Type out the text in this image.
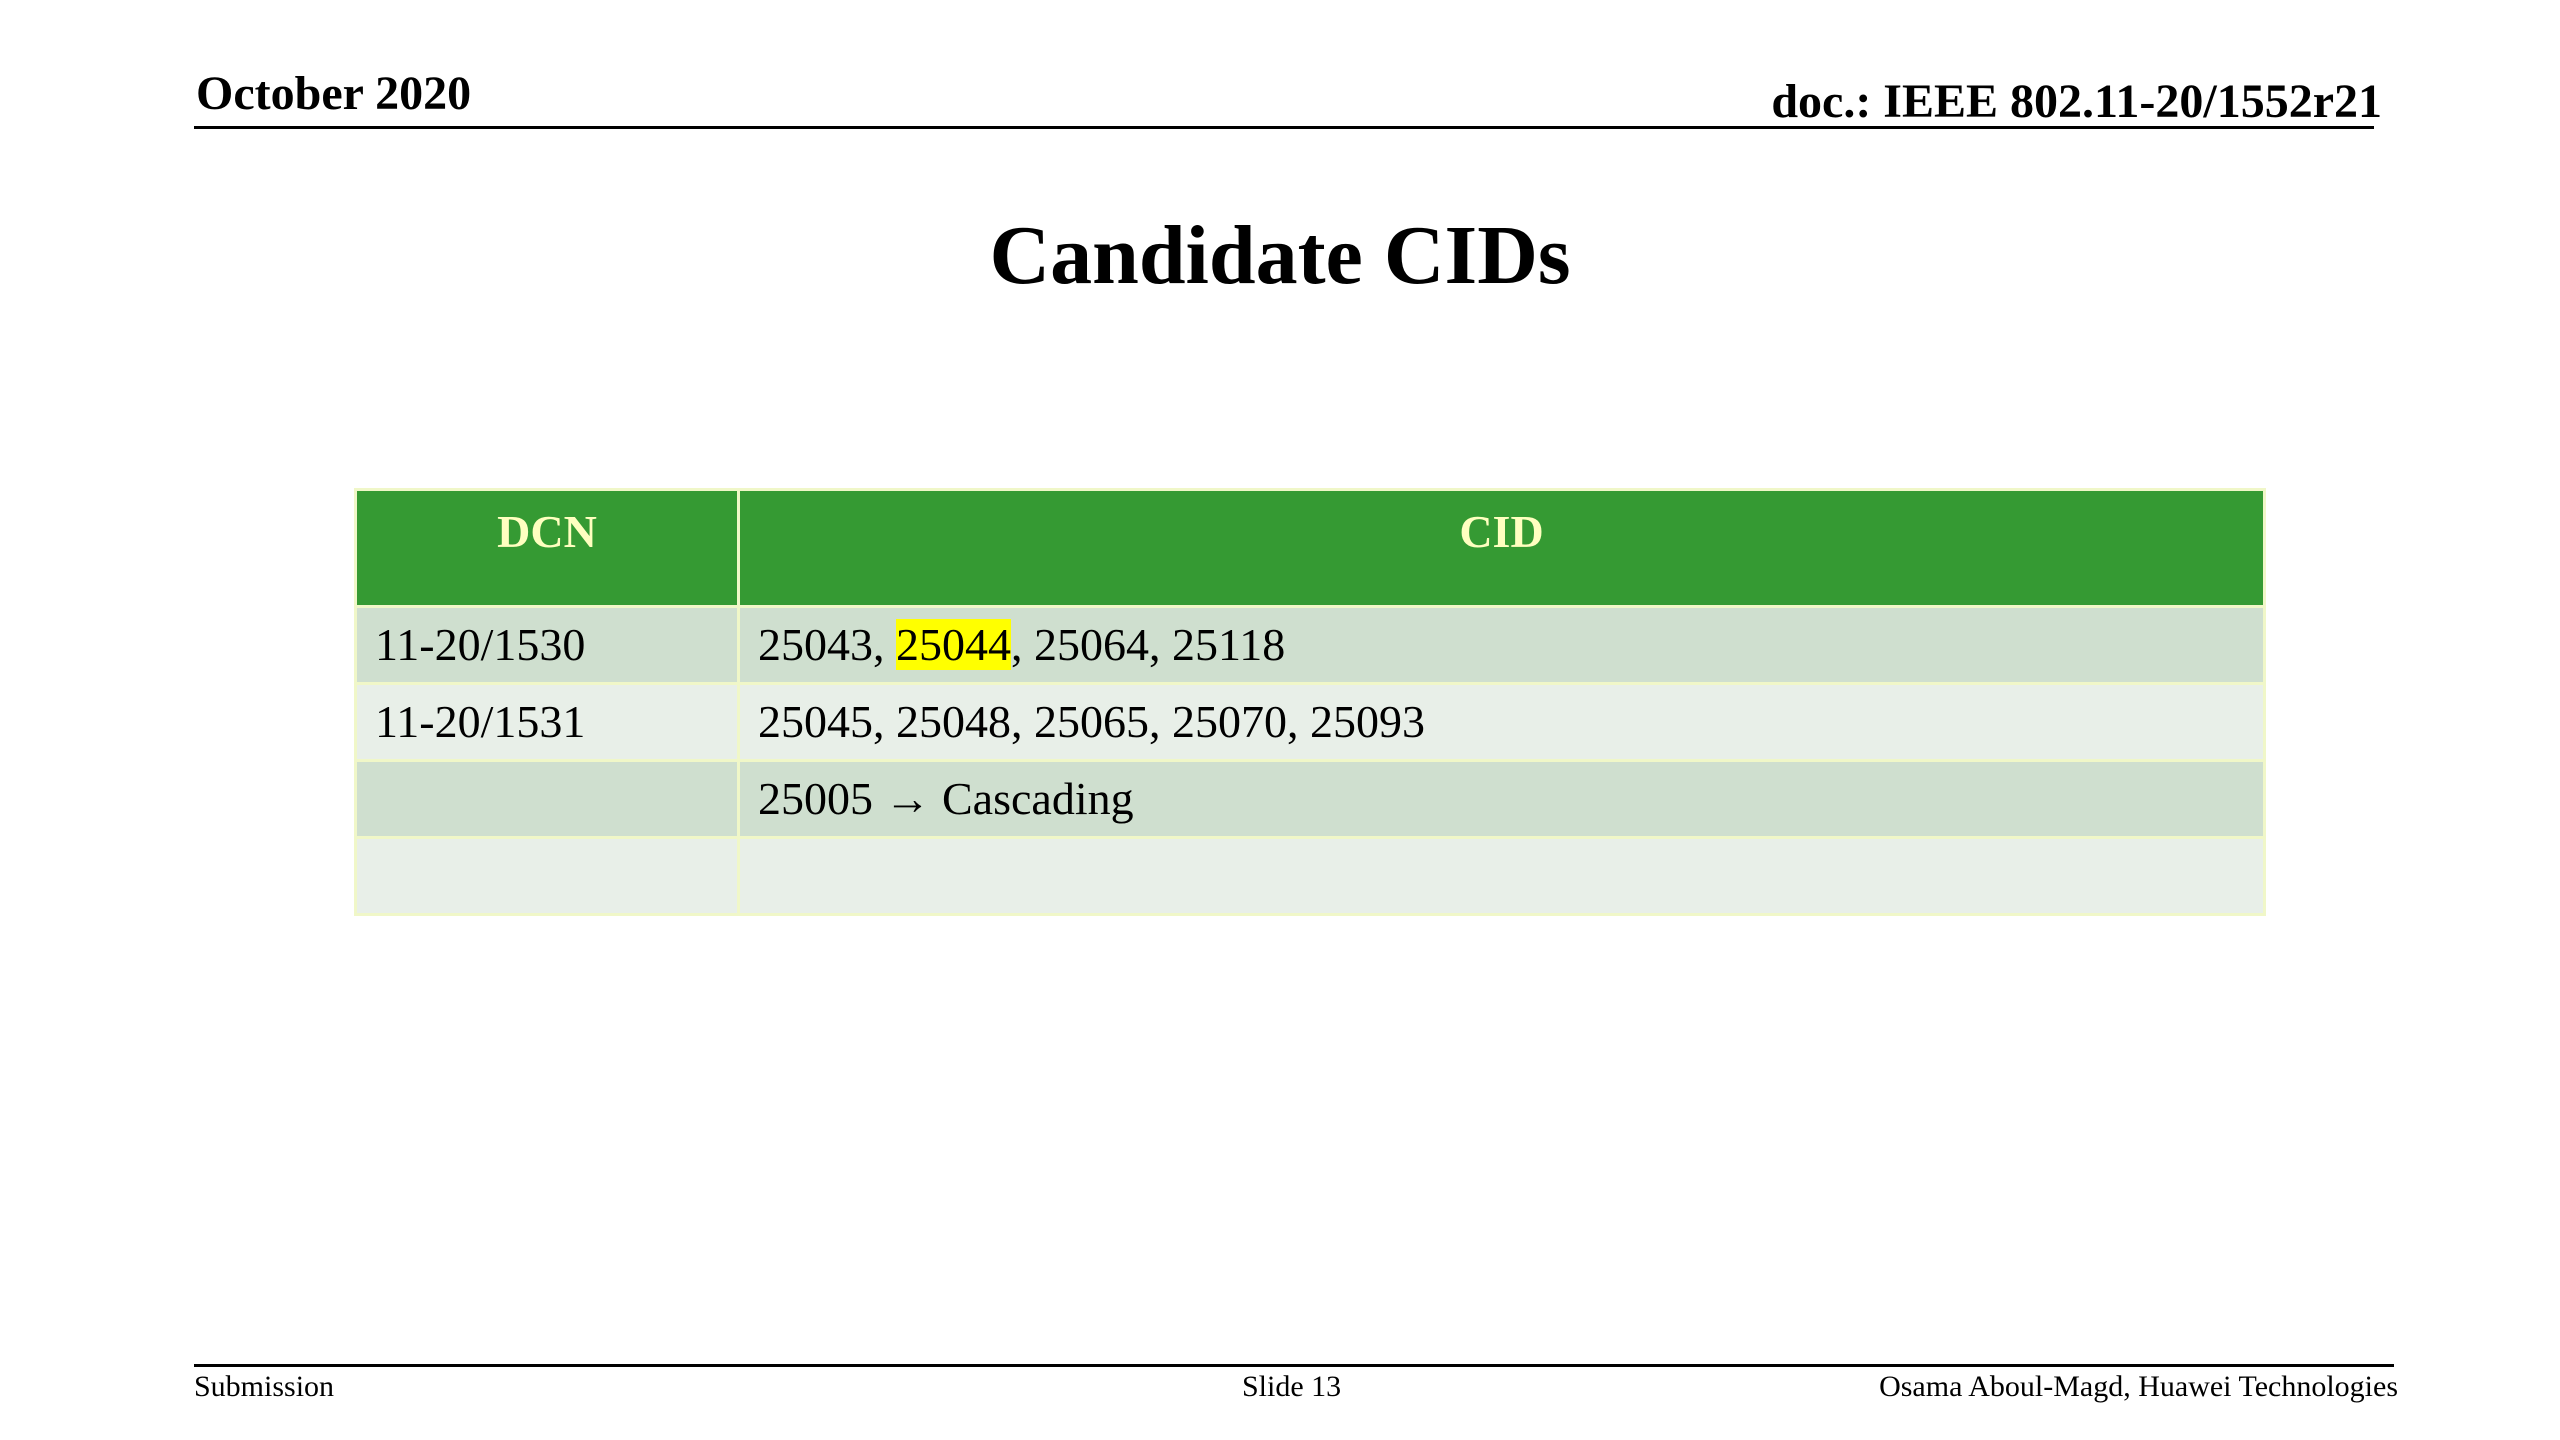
October 2020	doc.: IEEE 802.11-20/1552r21
Candidate CIDs
DCN	CID
11-20/1530	25043, 25044, 25064, 25118
11-20/1531	25045, 25048, 25065, 25070, 25093
	25005 → Cascading

Submission	Slide 13	Osama Aboul-Magd, Huawei Technologies
